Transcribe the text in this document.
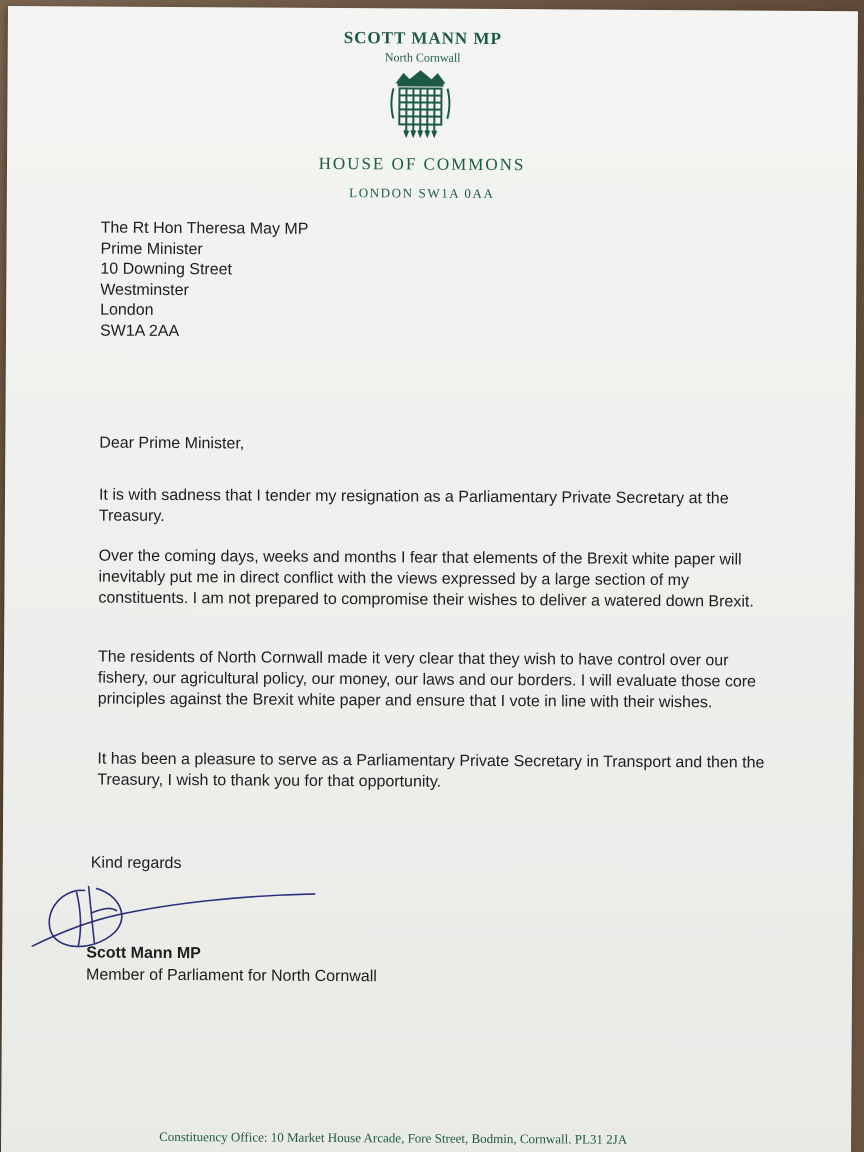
SCOTT MANN MP
North Cornwall
HOUSE OF COMMONS
LONDON SW1A 0AA
The Rt Hon Theresa May MP
Prime Minister
10 Downing Street
Westminster
London
SW1A 2AA
Dear Prime Minister,
It is with sadness that I tender my resignation as a Parliamentary Private Secretary at the Treasury.
Over the coming days, weeks and months I fear that elements of the Brexit white paper will inevitably put me in direct conflict with the views expressed by a large section of my constituents. I am not prepared to compromise their wishes to deliver a watered down Brexit.
The residents of North Cornwall made it very clear that they wish to have control over our fishery, our agricultural policy, our money, our laws and our borders. I will evaluate those core principles against the Brexit white paper and ensure that I vote in line with their wishes.
It has been a pleasure to serve as a Parliamentary Private Secretary in Transport and then the Treasury, I wish to thank you for that opportunity.
Kind regards
Scott Mann MP
Member of Parliament for North Cornwall
Constituency Office: 10 Market House Arcade, Fore Street, Bodmin, Cornwall. PL31 2JA
